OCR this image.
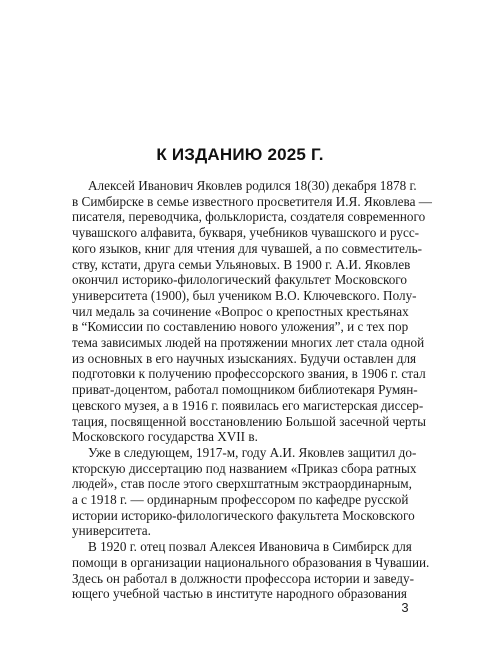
К ИЗДАНИЮ 2025 Г.
Алексей Иванович Яковлев родился 18(30) декабря 1878 г.
в Симбирске в семье известного просветителя И.Я. Яковлева —
писателя, переводчика, фольклориста, создателя современного
чувашского алфавита, букваря, учебников чувашского и русс-
кого языков, книг для чтения для чувашей, а по совместитель-
ству, кстати, друга семьи Ульяновых. В 1900 г. А.И. Яковлев
окончил историко-филологический факультет Московского
университета (1900), был учеником В.О. Ключевского. Полу-
чил медаль за сочинение «Вопрос о крепостных крестьянах
в “Комиссии по составлению нового уложения”, и с тех пор
тема зависимых людей на протяжении многих лет стала одной
из основных в его научных изысканиях. Будучи оставлен для
подготовки к получению профессорского звания, в 1906 г. стал
приват-доцентом, работал помощником библиотекаря Румян-
цевского музея, а в 1916 г. появилась его магистерская диссер-
тация, посвященной восстановлению Большой засечной черты
Московского государства XVII в.
Уже в следующем, 1917-м, году А.И. Яковлев защитил до-
кторскую диссертацию под названием «Приказ сбора ратных
людей», став после этого сверхштатным экстраординарным,
а с 1918 г. — ординарным профессором по кафедре русской
истории историко-филологического факультета Московского
университета.
В 1920 г. отец позвал Алексея Ивановича в Симбирск для
помощи в организации национального образования в Чувашии.
Здесь он работал в должности профессора истории и заведу-
ющего учебной частью в институте народного образования
3
